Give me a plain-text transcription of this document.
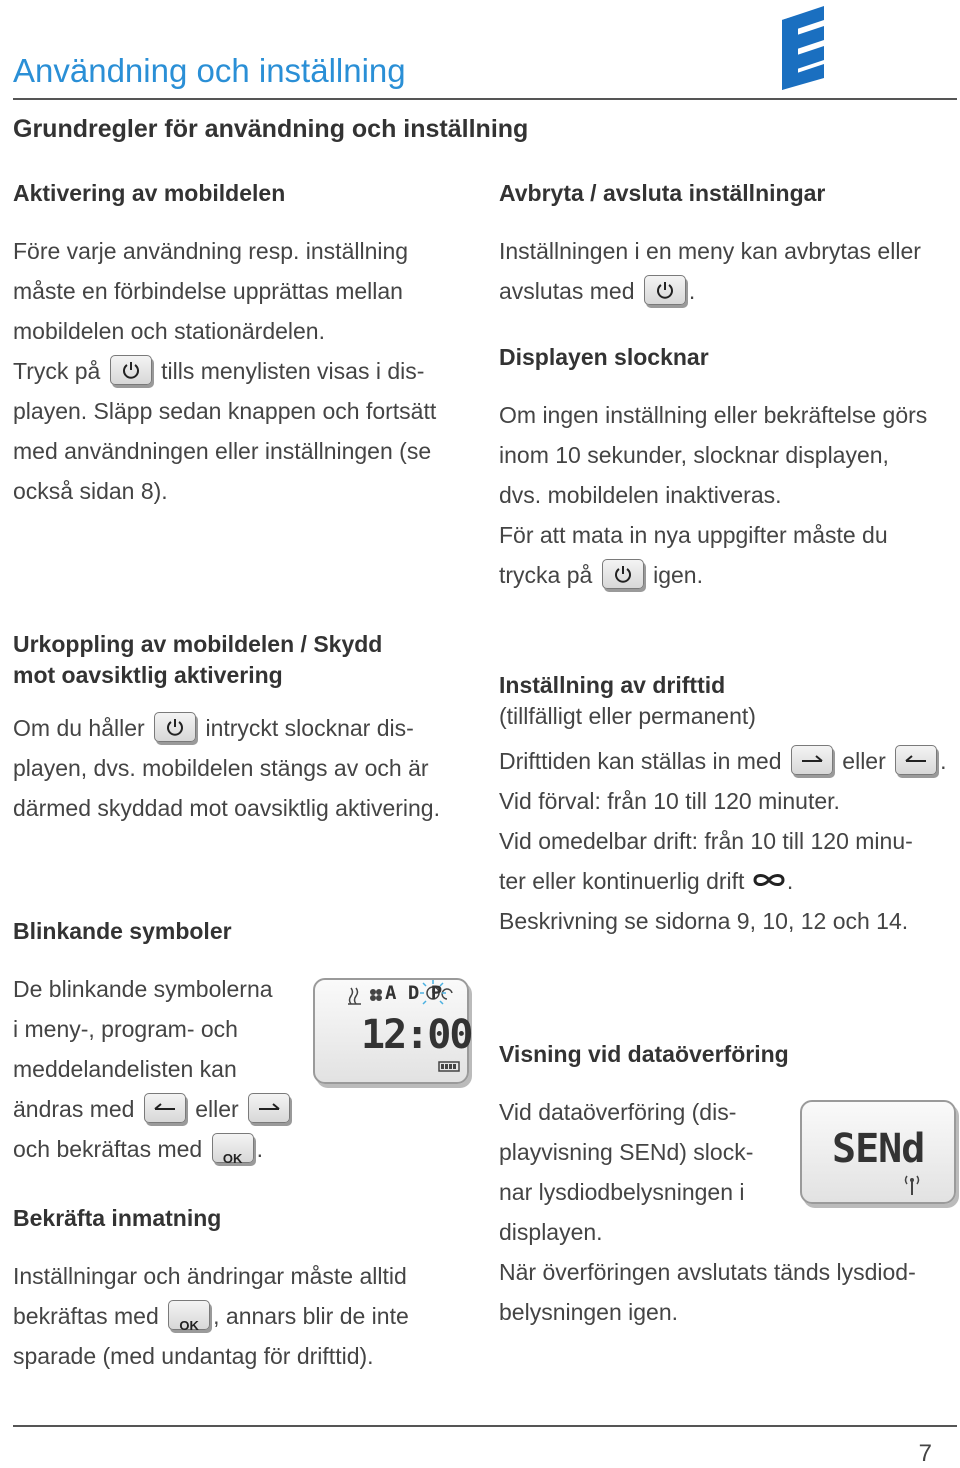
Användning och inställning
Grundregler för användning och inställning
Aktivering av mobildelen
Före varje användning resp. inställning
måste en förbindelse upprättas mellan
mobildelen och stationärdelen.
Tryck på	tills menylisten visas i dis-
playen. Släpp sedan knappen och fortsätt
med användningen eller inställningen (se
också sidan 8).
Avbryta / avsluta inställningar
Inställningen i en meny kan avbrytas eller
avslutas med .
Displayen slocknar
Om ingen inställning eller bekräftelse görs
inom 10 sekunder, slocknar displayen,
dvs. mobildelen inaktiveras.
För att mata in nya uppgifter måste du
trycka på	igen.
Urkoppling av mobildelen / Skydd
mot oavsiktlig aktivering
Om du håller	intryckt slocknar dis-
playen, dvs. mobildelen stängs av och är
därmed skyddad mot oavsiktlig aktivering.
Inställning av drifttid
(tillfälligt eller permanent)
Drifttiden kan ställas in med	eller .
Vid förval: från 10 till 120 minuter.
Vid omedelbar drift: från 10 till 120 minu-
ter eller kontinuerlig drift .
Beskrivning se sidorna 9, 10, 12 och 14.
Blinkande symboler
De blinkande symbolerna
i meny-, program- och
meddelandelisten kan
ändras med	eller
och bekräftas med	OK .
A D P
12:00
Bekräfta inmatning
Inställningar och ändringar måste alltid
bekräftas med	OK , annars blir de inte
sparade (med undantag för drifttid).
Visning vid dataöverföring
Vid dataöverföring (dis-
playvisning SENd) slock-
nar lysdiodbelysningen i
displayen.
När överföringen avslutats tänds lysdiod-
belysningen igen.
SENd
7
